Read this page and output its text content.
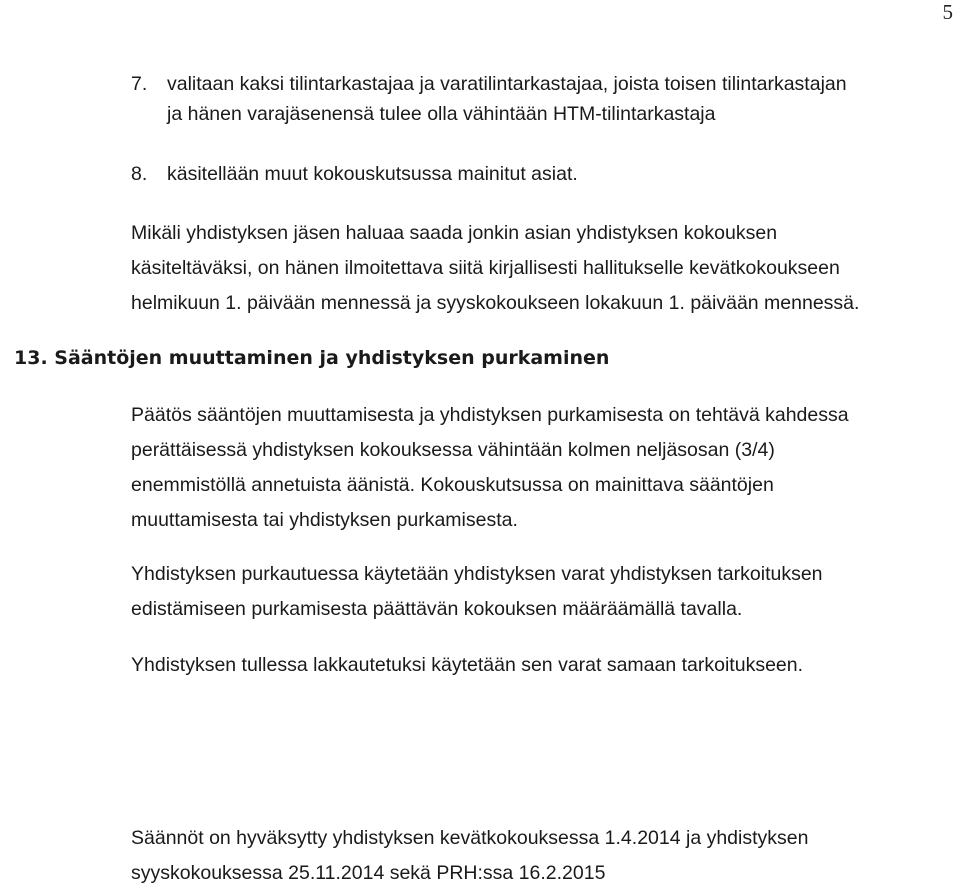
5
7. valitaan kaksi tilintarkastajaa ja varatilintarkastajaa, joista toisen tilintarkastajan
ja hänen varajäsenensä tulee olla vähintään HTM-tilintarkastaja
8. käsitellään muut kokouskutsussa mainitut asiat.
Mikäli yhdistyksen jäsen haluaa saada jonkin asian yhdistyksen kokouksen
käsiteltäväksi, on hänen ilmoitettava siitä kirjallisesti hallitukselle kevätkokoukseen
helmikuun 1. päivään mennessä ja syyskokoukseen lokakuun 1. päivään mennessä.
13. Sääntöjen muuttaminen ja yhdistyksen purkaminen
Päätös sääntöjen muuttamisesta ja yhdistyksen purkamisesta on tehtävä kahdessa
perättäisessä yhdistyksen kokouksessa vähintään kolmen neljäsosan (3/4)
enemmistöllä annetuista äänistä. Kokouskutsussa on mainittava sääntöjen
muuttamisesta tai yhdistyksen purkamisesta.
Yhdistyksen purkautuessa käytetään yhdistyksen varat yhdistyksen tarkoituksen
edistämiseen purkamisesta päättävän kokouksen määräämällä tavalla.
Yhdistyksen tullessa lakkautetuksi käytetään sen varat samaan tarkoitukseen.
Säännöt on hyväksytty yhdistyksen kevätkokouksessa 1.4.2014 ja yhdistyksen
syyskokouksessa 25.11.2014 sekä PRH:ssa 16.2.2015
